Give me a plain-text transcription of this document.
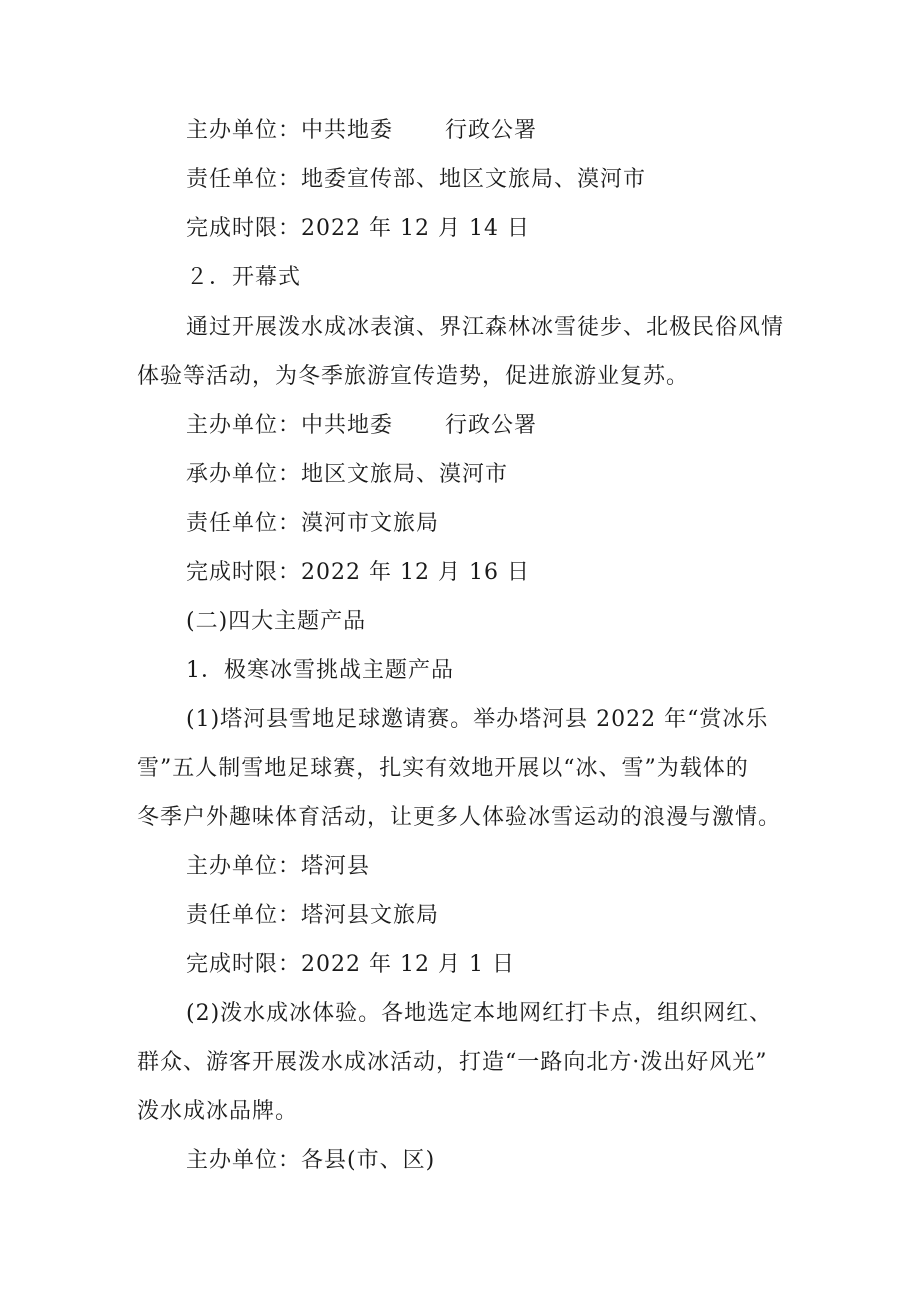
主办单位：中共地委 行政公署
责任单位：地委宣传部、地区文旅局、漠河市
完成时限：2022 年 12 月 14 日
２．开幕式
通过开展泼水成冰表演、界江森林冰雪徒步、北极民俗风情
体验等活动，为冬季旅游宣传造势，促进旅游业复苏。
主办单位：中共地委 行政公署
承办单位：地区文旅局、漠河市
责任单位：漠河市文旅局
完成时限：2022 年 12 月 16 日
(二)四大主题产品
1．极寒冰雪挑战主题产品
(1)塔河县雪地足球邀请赛。举办塔河县 2022 年“赏冰乐
雪”五人制雪地足球赛，扎实有效地开展以“冰、雪”为载体的
冬季户外趣味体育活动，让更多人体验冰雪运动的浪漫与激情。
主办单位：塔河县
责任单位：塔河县文旅局
完成时限：2022 年 12 月 1 日
(2)泼水成冰体验。各地选定本地网红打卡点，组织网红、
群众、游客开展泼水成冰活动，打造“一路向北方·泼出好风光”
泼水成冰品牌。
主办单位：各县(市、区)
